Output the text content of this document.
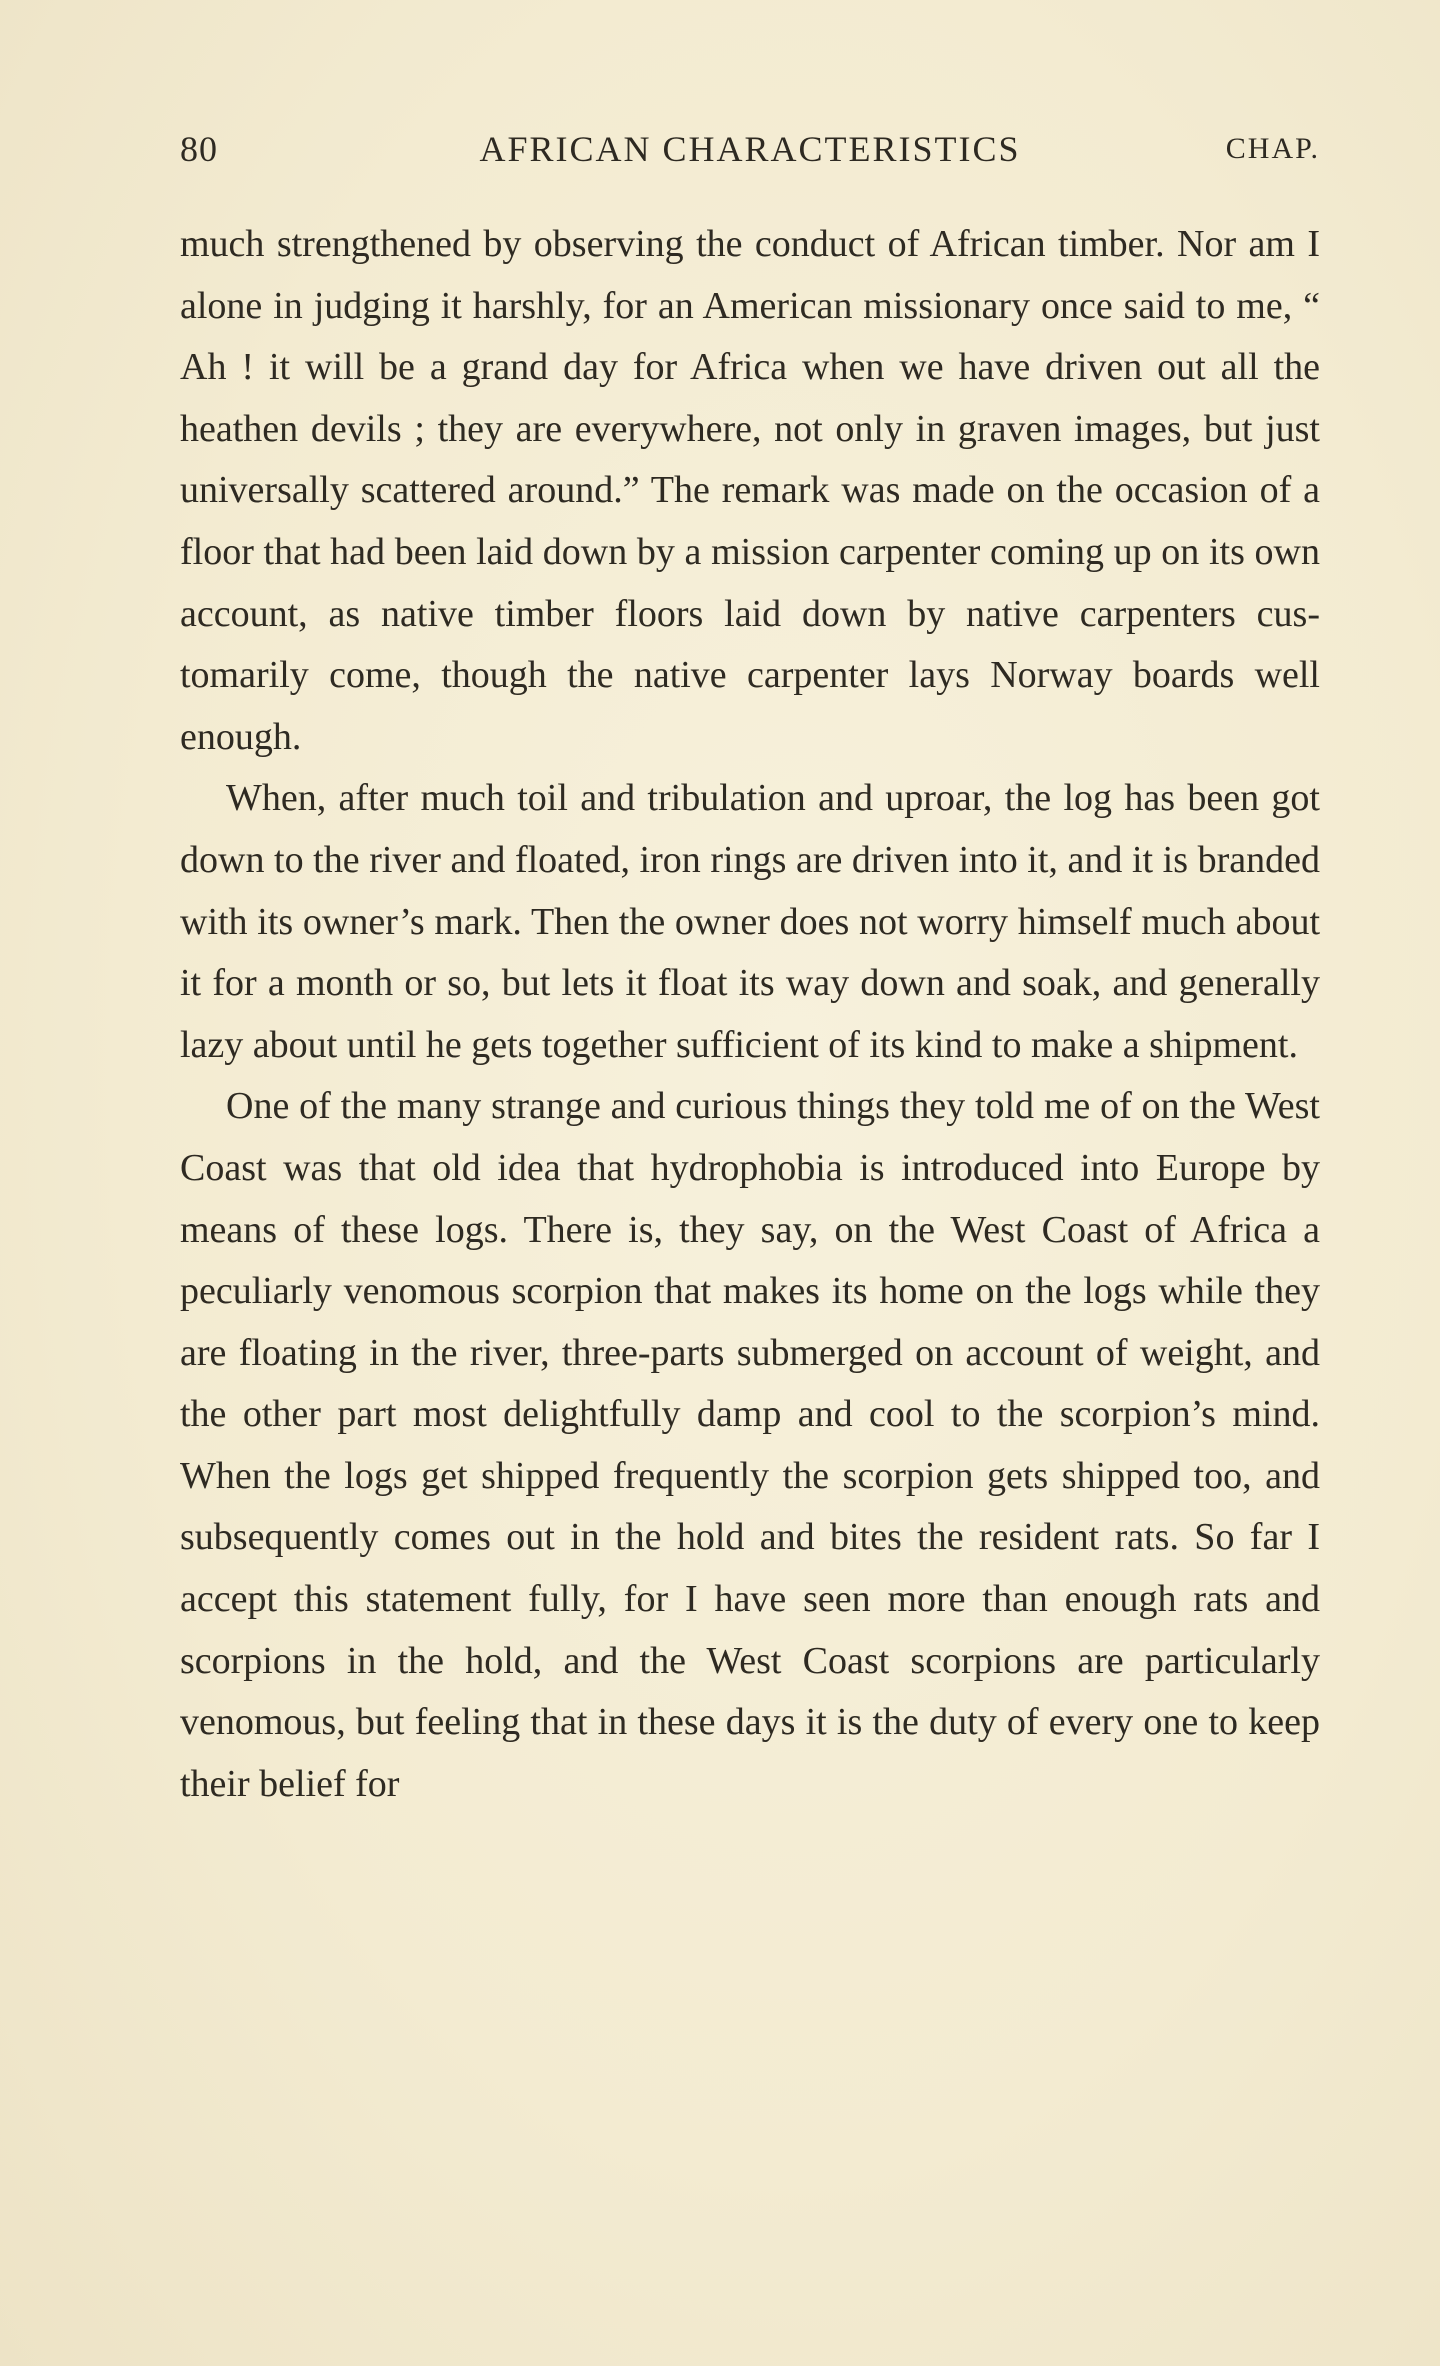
80	AFRICAN CHARACTERISTICS	CHAP.

much strengthened by observing the conduct of African timber. Nor am I alone in judging it harshly, for an American missionary once said to me, “ Ah ! it will be a grand day for Africa when we have driven out all the heathen devils ; they are everywhere, not only in graven images, but just universally scattered around.” The remark was made on the occasion of a floor that had been laid down by a mission carpenter coming up on its own account, as native timber floors laid down by native carpenters customarily come, though the native carpenter lays Norway boards well enough.

When, after much toil and tribulation and uproar, the log has been got down to the river and floated, iron rings are driven into it, and it is branded with its owner’s mark. Then the owner does not worry himself much about it for a month or so, but lets it float its way down and soak, and generally lazy about until he gets together sufficient of its kind to make a shipment.

One of the many strange and curious things they told me of on the West Coast was that old idea that hydrophobia is introduced into Europe by means of these logs. There is, they say, on the West Coast of Africa a peculiarly venomous scorpion that makes its home on the logs while they are floating in the river, three-parts submerged on account of weight, and the other part most delightfully damp and cool to the scorpion’s mind. When the logs get shipped frequently the scorpion gets shipped too, and subsequently comes out in the hold and bites the resident rats. So far I accept this statement fully, for I have seen more than enough rats and scorpions in the hold, and the West Coast scorpions are particularly venomous, but feeling that in these days it is the duty of every one to keep their belief for
